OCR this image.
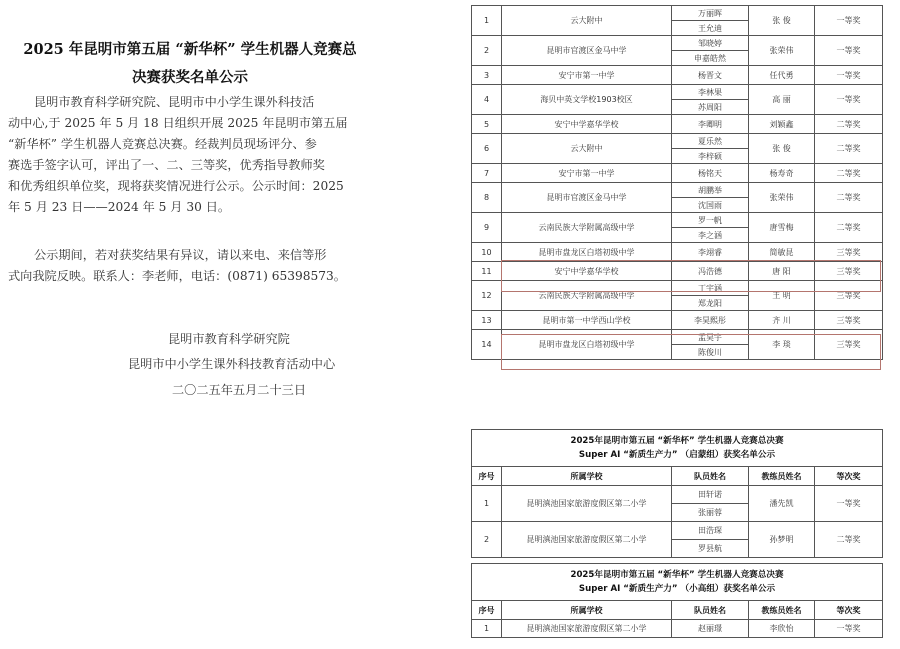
2025 年昆明市第五届 “新华杯” 学生机器人竞赛总
决赛获奖名单公示
昆明市教育科学研究院、昆明市中小学生课外科技活
动中心,于 2025 年 5 月 18 日组织开展 2025 年昆明市第五届
“新华杯” 学生机器人竞赛总决赛。经裁判员现场评分、参
赛选手签字认可，评出了一、二、三等奖，优秀指导教师奖
和优秀组织单位奖，现将获奖情况进行公示。公示时间：2025
年 5 月 23 日——2024 年 5 月 30 日。
公示期间，若对获奖结果有异议，请以来电、来信等形
式向我院反映。联系人：李老师，电话：(0871) 65398573。
昆明市教育科学研究院
昆明市中小学生课外科技教育活动中心
二〇二五年五月二十三日
1	云大附中	万丽晖	张 俊	一等奖
		王允迪		
2	昆明市官渡区金马中学	邹晓婷	张荣伟	一等奖
		申嘉皓然		
3	安宁市第一中学	杨晋文	任代勇	一等奖
4	海贝中英文学校1903校区	李林果	高 丽	一等奖
		苏周阳		
5	安宁中学嘉华学校	李卿明	刘颖鑫	二等奖
6	云大附中	夏乐然	张 俊	二等奖
		李梓硕		
7	安宁市第一中学	杨铭天	杨寿奇	二等奖
8	昆明市官渡区金马中学	胡鹏举	张荣伟	二等奖
		沈国雨		
9	云南民族大学附属高级中学	罗一帆	唐雪梅	二等奖
		李之涵		
10	昆明市盘龙区白塔初级中学	李翊睿	简敏昆	三等奖
11	安宁中学嘉华学校	冯浩德	唐 阳	三等奖
12	云南民族大学附属高级中学	丁宇涵	王 明	三等奖
		郑龙阳		
13	昆明市第一中学西山学校	李昊熙彤	齐 川	三等奖
14	昆明市盘龙区白塔初级中学	孟昊宇	李 琰	三等奖
		陈俊川		
2025年昆明市第五届 “新华杯” 学生机器人竞赛总决赛
Super AI “新质生产力” （启蒙组）获奖名单公示				

序号	所属学校	队员姓名	教练员姓名	等次奖
1	昆明滇池国家旅游度假区第二小学	田轩诺	潘先凯	一等奖
		张丽蓉		
2	昆明滇池国家旅游度假区第二小学	田浩琛	孙梦明	二等奖
		罗县航		
2025年昆明市第五届 “新华杯” 学生机器人竞赛总决赛
Super AI “新质生产力” （小高组）获奖名单公示				

序号	所属学校	队员姓名	教练员姓名	等次奖
1	昆明滇池国家旅游度假区第二小学	赵丽璟	李欣怡	一等奖
